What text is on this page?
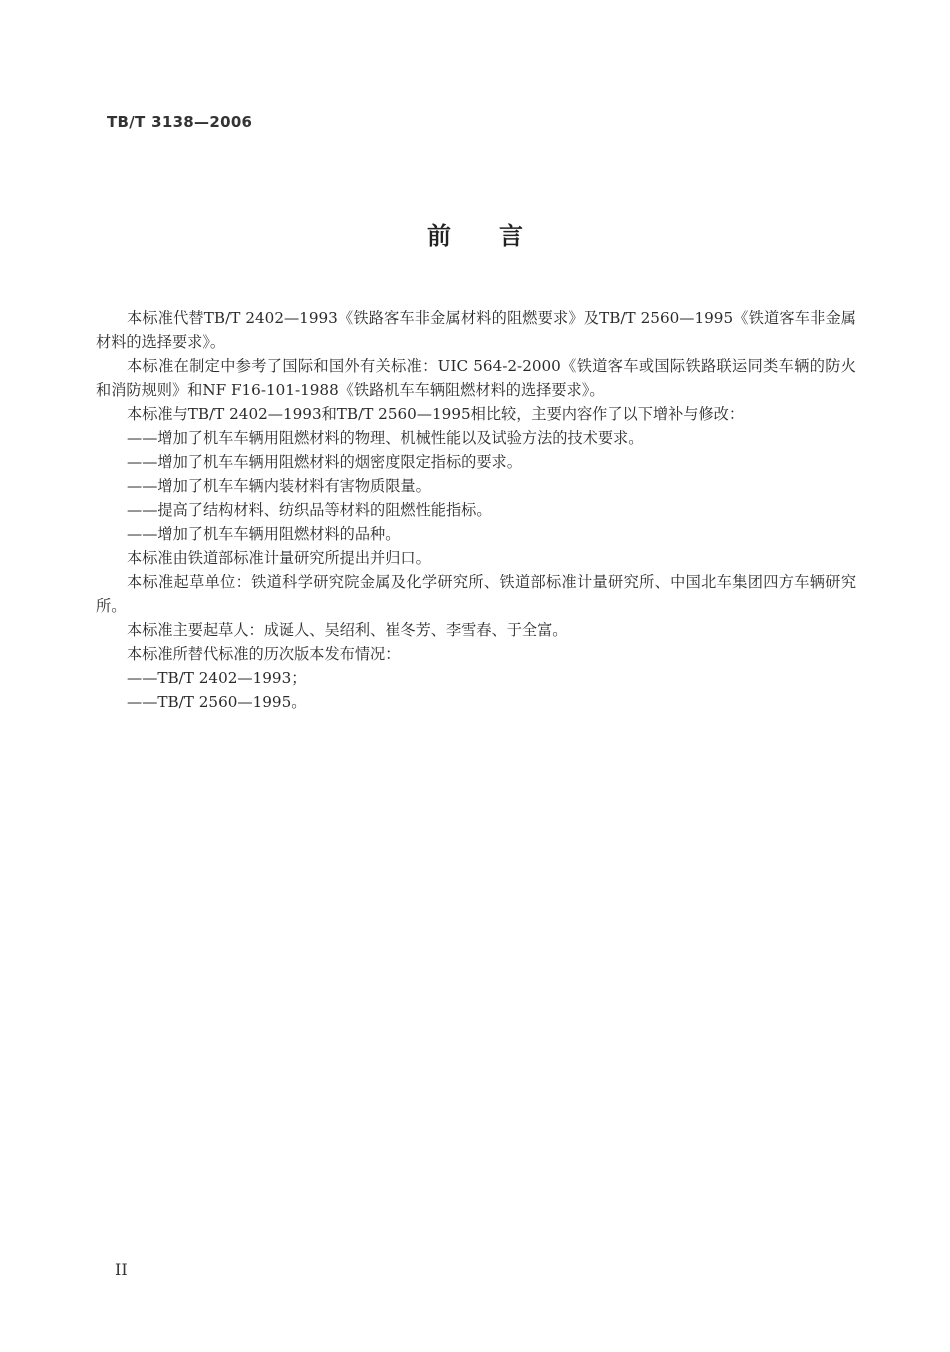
TB/T 3138—2006
前言

本标准代替TB/T 2402—1993《铁路客车非金属材料的阻燃要求》及TB/T 2560—1995《铁道客车非金属材料的选择要求》。

本标准在制定中参考了国际和国外有关标准：UIC 564-2-2000《铁道客车或国际铁路联运同类车辆的防火和消防规则》和NF F16-101-1988《铁路机车车辆阻燃材料的选择要求》。

本标准与TB/T 2402—1993和TB/T 2560—1995相比较，主要内容作了以下增补与修改：

——增加了机车车辆用阻燃材料的物理、机械性能以及试验方法的技术要求。

——增加了机车车辆用阻燃材料的烟密度限定指标的要求。

——增加了机车车辆内装材料有害物质限量。

——提高了结构材料、纺织品等材料的阻燃性能指标。

——增加了机车车辆用阻燃材料的品种。

本标准由铁道部标准计量研究所提出并归口。

本标准起草单位：铁道科学研究院金属及化学研究所、铁道部标准计量研究所、中国北车集团四方车辆研究所。

本标准主要起草人：成诞人、吴绍利、崔冬芳、李雪春、于全富。

本标准所替代标准的历次版本发布情况：

——TB/T 2402—1993；

——TB/T 2560—1995。

II
